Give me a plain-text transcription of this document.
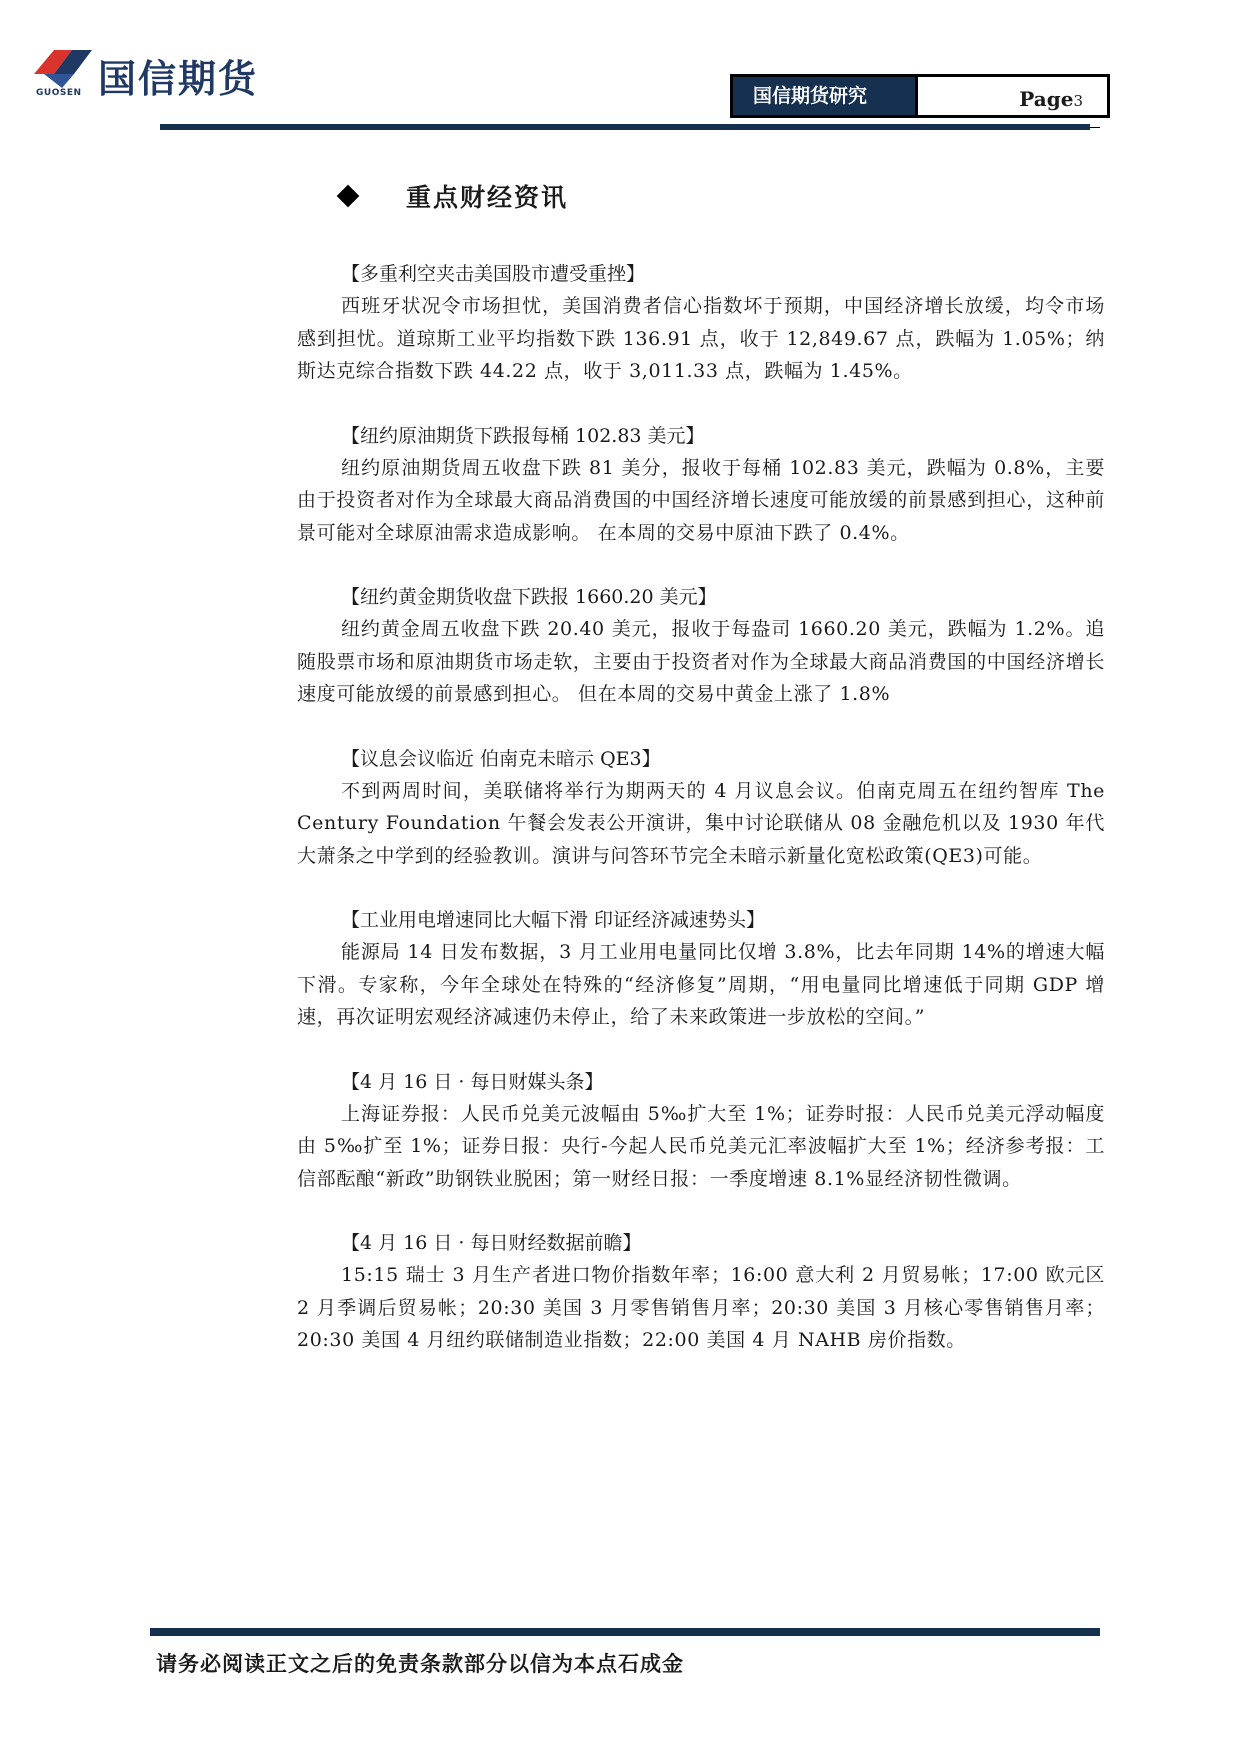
GUOSEN 国信期货	国信期货研究	Page3
重点财经资讯
【多重利空夹击美国股市遭受重挫】

西班牙状况令市场担忧，美国消费者信心指数坏于预期，中国经济增长放缓，均令市场感到担忧。道琼斯工业平均指数下跌 136.91 点，收于 12,849.67 点，跌幅为 1.05%；纳斯达克综合指数下跌 44.22 点，收于 3,011.33 点，跌幅为 1.45%。

【纽约原油期货下跌报每桶 102.83 美元】

纽约原油期货周五收盘下跌 81 美分，报收于每桶 102.83 美元，跌幅为 0.8%，主要由于投资者对作为全球最大商品消费国的中国经济增长速度可能放缓的前景感到担心，这种前景可能对全球原油需求造成影响。 在本周的交易中原油下跌了 0.4%。

【纽约黄金期货收盘下跌报 1660.20 美元】

纽约黄金周五收盘下跌 20.40 美元，报收于每盎司 1660.20 美元，跌幅为 1.2%。追随股票市场和原油期货市场走软，主要由于投资者对作为全球最大商品消费国的中国经济增长速度可能放缓的前景感到担心。 但在本周的交易中黄金上涨了 1.8%

【议息会议临近 伯南克未暗示 QE3】

不到两周时间，美联储将举行为期两天的 4 月议息会议。伯南克周五在纽约智库 The Century Foundation 午餐会发表公开演讲，集中讨论联储从 08 金融危机以及 1930 年代大萧条之中学到的经验教训。演讲与问答环节完全未暗示新量化宽松政策(QE3)可能。

【工业用电增速同比大幅下滑 印证经济减速势头】

能源局 14 日发布数据，3 月工业用电量同比仅增 3.8%，比去年同期 14%的增速大幅下滑。专家称，今年全球处在特殊的“经济修复”周期，“用电量同比增速低于同期 GDP 增速，再次证明宏观经济减速仍未停止，给了未来政策进一步放松的空间。”

【4 月 16 日 · 每日财媒头条】

上海证券报：人民币兑美元波幅由 5‰扩大至 1%；证券时报：人民币兑美元浮动幅度由 5‰扩至 1%；证券日报：央行-今起人民币兑美元汇率波幅扩大至 1%；经济参考报：工信部酝酿“新政”助钢铁业脱困；第一财经日报：一季度增速 8.1%显经济韧性微调。

【4 月 16 日 · 每日财经数据前瞻】

15:15 瑞士 3 月生产者进口物价指数年率；16:00 意大利 2 月贸易帐；17:00 欧元区 2 月季调后贸易帐；20:30 美国 3 月零售销售月率；20:30 美国 3 月核心零售销售月率；20:30 美国 4 月纽约联储制造业指数；22:00 美国 4 月 NAHB 房价指数。

请务必阅读正文之后的免责条款部分以信为本点石成金
